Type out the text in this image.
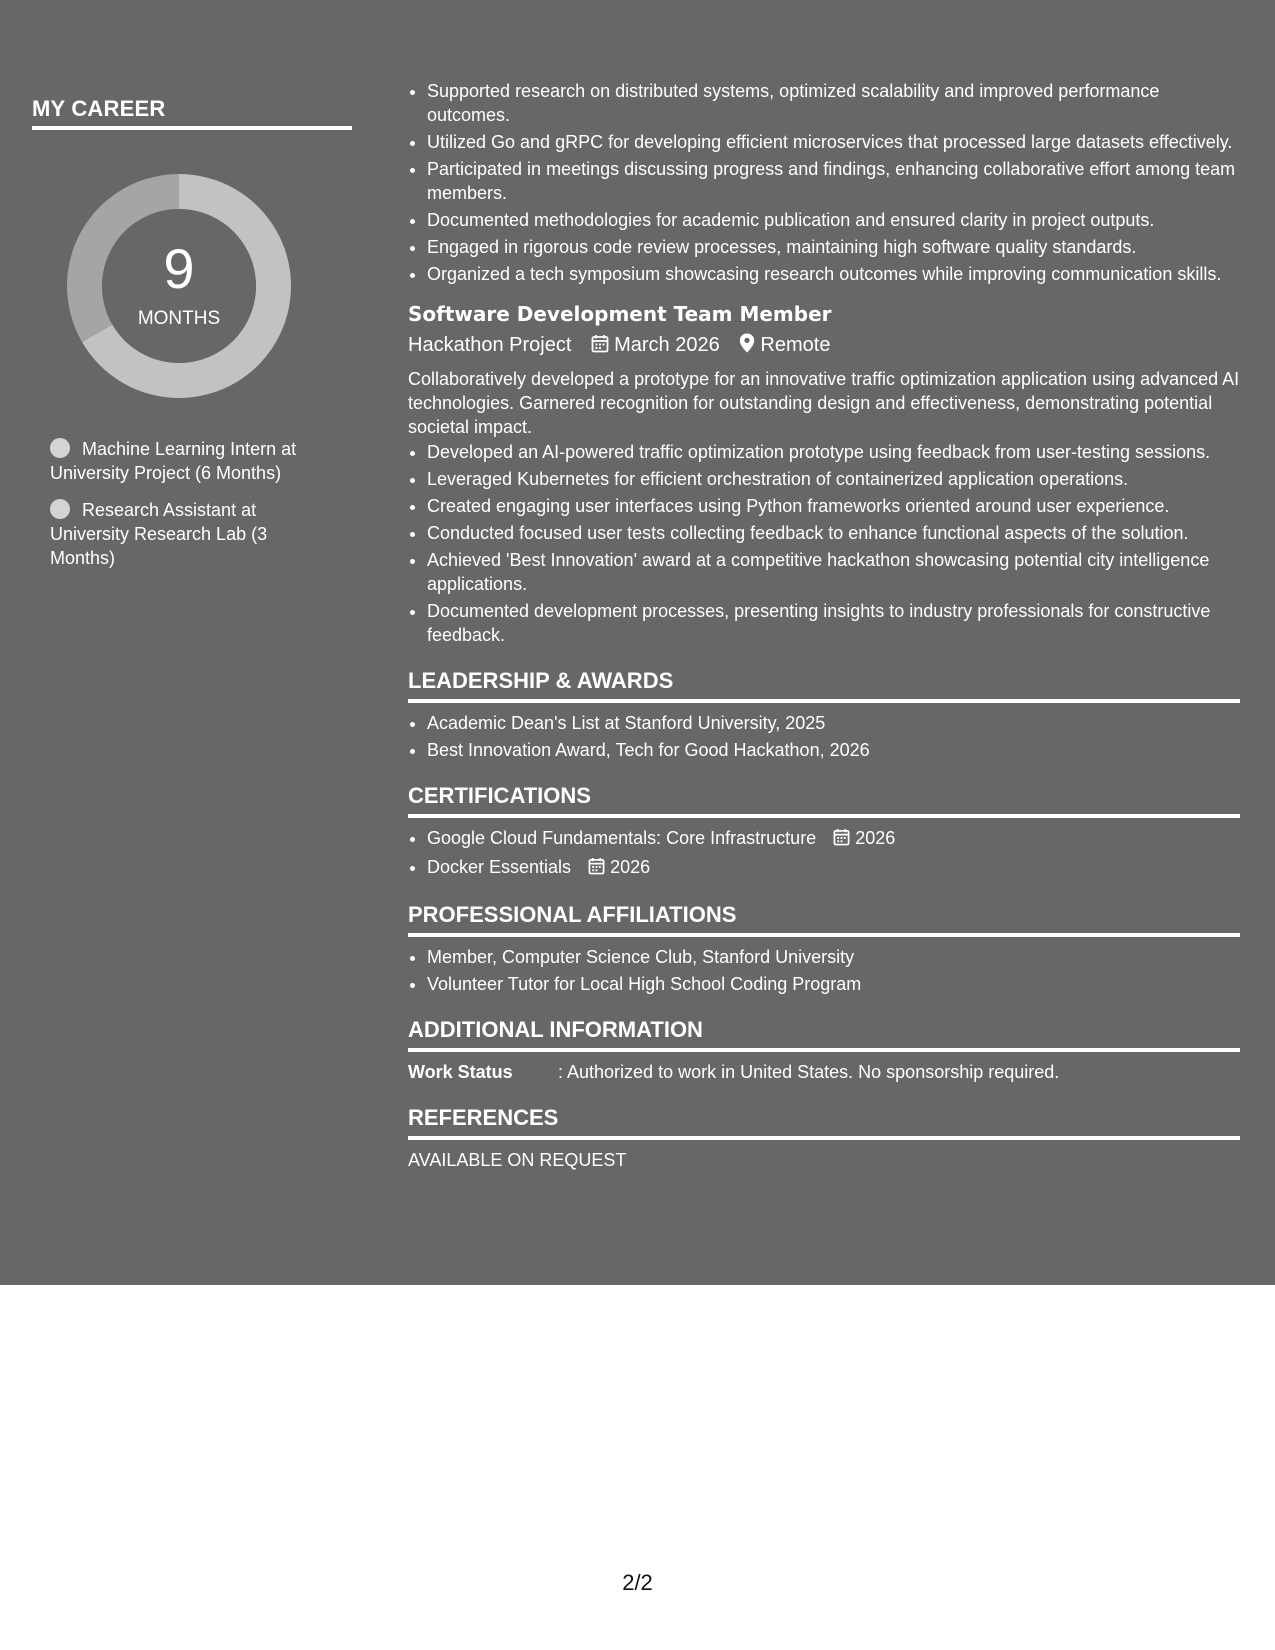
MY CAREER
9
MONTHS
Machine Learning Intern at University Project (6 Months)
Research Assistant at University Research Lab (3 Months)
• Supported research on distributed systems, optimized scalability and improved performance outcomes.
• Utilized Go and gRPC for developing efficient microservices that processed large datasets effectively.
• Participated in meetings discussing progress and findings, enhancing collaborative effort among team members.
• Documented methodologies for academic publication and ensured clarity in project outputs.
• Engaged in rigorous code review processes, maintaining high software quality standards.
• Organized a tech symposium showcasing research outcomes while improving communication skills.
Software Development Team Member
Hackathon Project March 2026 Remote

Collaboratively developed a prototype for an innovative traffic optimization application using advanced AI technologies. Garnered recognition for outstanding design and effectiveness, demonstrating potential societal impact.

• Developed an AI-powered traffic optimization prototype using feedback from user-testing sessions.
• Leveraged Kubernetes for efficient orchestration of containerized application operations.
• Created engaging user interfaces using Python frameworks oriented around user experience.
• Conducted focused user tests collecting feedback to enhance functional aspects of the solution.
• Achieved 'Best Innovation' award at a competitive hackathon showcasing potential city intelligence applications.
• Documented development processes, presenting insights to industry professionals for constructive feedback.
LEADERSHIP & AWARDS
• Academic Dean's List at Stanford University, 2025
• Best Innovation Award, Tech for Good Hackathon, 2026
CERTIFICATIONS
• Google Cloud Fundamentals: Core Infrastructure 2026
• Docker Essentials 2026
PROFESSIONAL AFFILIATIONS
• Member, Computer Science Club, Stanford University
• Volunteer Tutor for Local High School Coding Program
ADDITIONAL INFORMATION
Work Status	: Authorized to work in United States. No sponsorship required.
REFERENCES
AVAILABLE ON REQUEST
2/2
